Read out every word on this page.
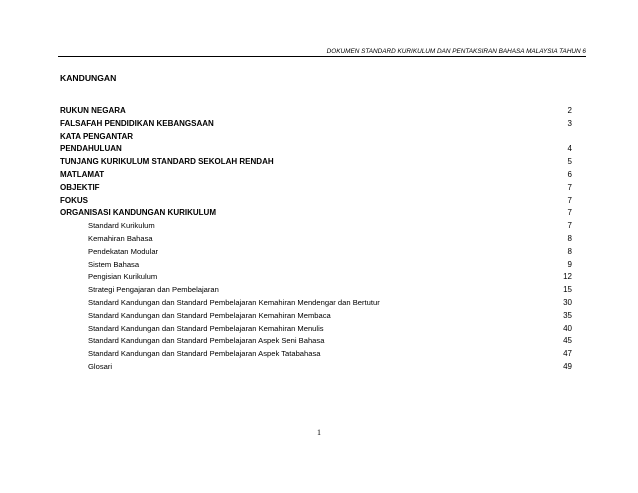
DOKUMEN STANDARD KURIKULUM DAN PENTAKSIRAN BAHASA MALAYSIA TAHUN 6
KANDUNGAN
RUKUN NEGARA	2
FALSAFAH PENDIDIKAN KEBANGSAAN	3
KATA PENGANTAR
PENDAHULUAN	4
TUNJANG KURIKULUM STANDARD SEKOLAH RENDAH	5
MATLAMAT	6
OBJEKTIF	7
FOKUS	7
ORGANISASI KANDUNGAN KURIKULUM	7
Standard Kurikulum	7
Kemahiran Bahasa	8
Pendekatan Modular	8
Sistem Bahasa	9
Pengisian Kurikulum	12
Strategi Pengajaran dan Pembelajaran	15
Standard Kandungan dan Standard Pembelajaran Kemahiran Mendengar dan Bertutur	30
Standard Kandungan dan Standard Pembelajaran Kemahiran Membaca	35
Standard Kandungan dan Standard Pembelajaran Kemahiran Menulis	40
Standard Kandungan dan Standard Pembelajaran Aspek Seni Bahasa	45
Standard Kandungan dan Standard Pembelajaran Aspek Tatabahasa	47
Glosari	49
1
